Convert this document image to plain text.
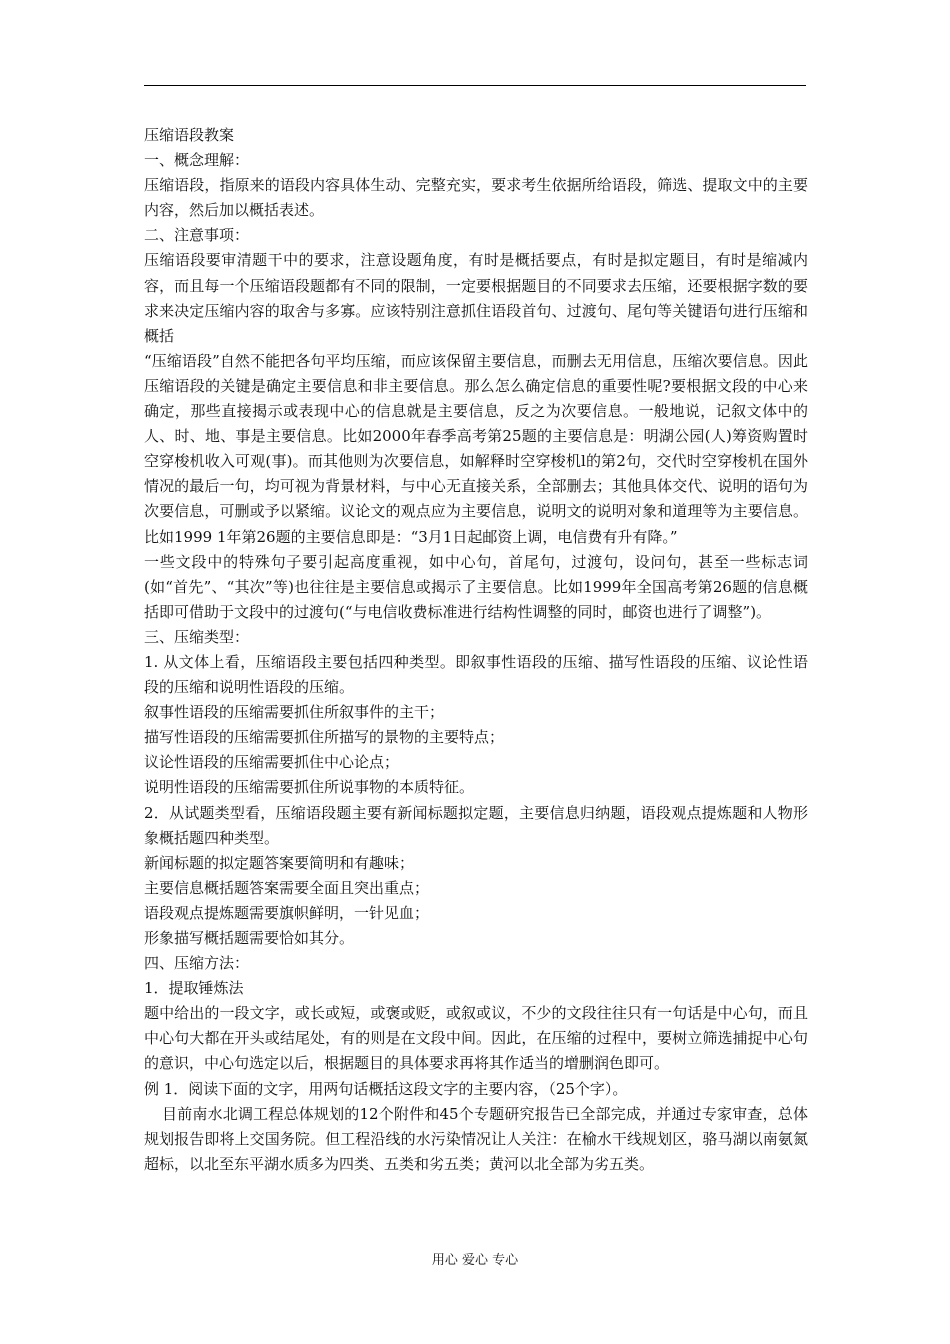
压缩语段教案

一、概念理解：

压缩语段，指原来的语段内容具体生动、完整充实，要求考生依据所给语段，筛选、提取文中的主要内容，然后加以概括表述。

二、注意事项：

压缩语段要审清题干中的要求，注意设题角度，有时是概括要点，有时是拟定题目，有时是缩减内容，而且每一个压缩语段题都有不同的限制，一定要根据题目的不同要求去压缩，还要根据字数的要求来决定压缩内容的取舍与多寡。应该特别注意抓住语段首句、过渡句、尾句等关键语句进行压缩和概括

“压缩语段”自然不能把各句平均压缩，而应该保留主要信息，而删去无用信息，压缩次要信息。因此压缩语段的关键是确定主要信息和非主要信息。那么怎么确定信息的重要性呢?要根据文段的中心来确定，那些直接揭示或表现中心的信息就是主要信息，反之为次要信息。一般地说，记叙文体中的人、时、地、事是主要信息。比如2000年春季高考第25题的主要信息是：明湖公园(人)筹资购置时空穿梭机收入可观(事)。而其他则为次要信息，如解释时空穿梭机l的第2句，交代时空穿梭机在国外情况的最后一句，均可视为背景材料，与中心无直接关系，全部删去；其他具体交代、说明的语句为次要信息，可删或予以紧缩。议论文的观点应为主要信息，说明文的说明对象和道理等为主要信息。比如1999 1年第26题的主要信息即是：“3月1日起邮资上调，电信费有升有降。”

一些文段中的特殊句子要引起高度重视，如中心句，首尾句，过渡句，设问句，甚至一些标志词(如“首先”、“其次”等)也往往是主要信息或揭示了主要信息。比如1999年全国高考第26题的信息概括即可借助于文段中的过渡句(“与电信收费标准进行结构性调整的同时，邮资也进行了调整”)。

三、压缩类型：

1. 从文体上看，压缩语段主要包括四种类型。即叙事性语段的压缩、描写性语段的压缩、议论性语段的压缩和说明性语段的压缩。

叙事性语段的压缩需要抓住所叙事件的主干；

描写性语段的压缩需要抓住所描写的景物的主要特点；

议论性语段的压缩需要抓住中心论点；

说明性语段的压缩需要抓住所说事物的本质特征。

2．从试题类型看，压缩语段题主要有新闻标题拟定题，主要信息归纳题，语段观点提炼题和人物形象概括题四种类型。

新闻标题的拟定题答案要简明和有趣味；

主要信息概括题答案需要全面且突出重点；

语段观点提炼题需要旗帜鲜明，一针见血；

形象描写概括题需要恰如其分。

四、压缩方法：

1．提取锤炼法

题中给出的一段文字，或长或短，或褒或贬，或叙或议，不少的文段往往只有一句话是中心句，而且中心句大都在开头或结尾处，有的则是在文段中间。因此，在压缩的过程中，要树立筛选捕捉中心句的意识，中心句选定以后，根据题目的具体要求再将其作适当的增删润色即可。

例 1．阅读下面的文字，用两句话概括这段文字的主要内容，（25个字）。

目前南水北调工程总体规划的12个附件和45个专题研究报告已全部完成，并通过专家审查，总体规划报告即将上交国务院。但工程沿线的水污染情况让人关注：在榆水干线规划区，骆马湖以南氨氮超标，以北至东平湖水质多为四类、五类和劣五类；黄河以北全部为劣五类。

用心 爱心 专心
